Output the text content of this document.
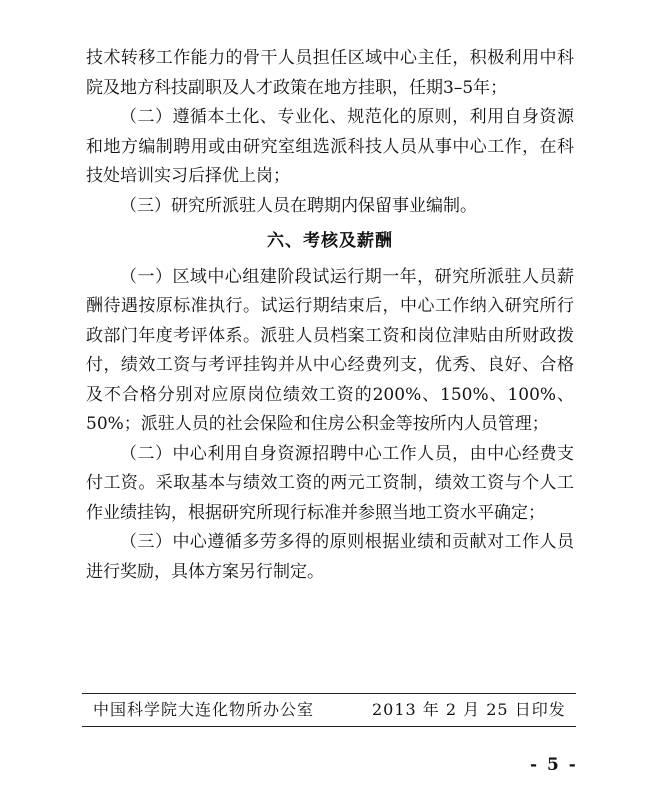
技术转移工作能力的骨干人员担任区域中心主任，积极利用中科院及地方科技副职及人才政策在地方挂职，任期3–5年；

（二）遵循本土化、专业化、规范化的原则，利用自身资源和地方编制聘用或由研究室组选派科技人员从事中心工作，在科技处培训实习后择优上岗；

（三）研究所派驻人员在聘期内保留事业编制。

六、考核及薪酬

（一）区域中心组建阶段试运行期一年，研究所派驻人员薪酬待遇按原标准执行。试运行期结束后，中心工作纳入研究所行政部门年度考评体系。派驻人员档案工资和岗位津贴由所财政拨付，绩效工资与考评挂钩并从中心经费列支，优秀、良好、合格及不合格分别对应原岗位绩效工资的200%、150%、100%、50%；派驻人员的社会保险和住房公积金等按所内人员管理；

（二）中心利用自身资源招聘中心工作人员，由中心经费支付工资。采取基本与绩效工资的两元工资制，绩效工资与个人工作业绩挂钩，根据研究所现行标准并参照当地工资水平确定；

（三）中心遵循多劳多得的原则根据业绩和贡献对工作人员进行奖励，具体方案另行制定。

中国科学院大连化物所办公室	2013 年 2 月 25 日印发
- 5 -
